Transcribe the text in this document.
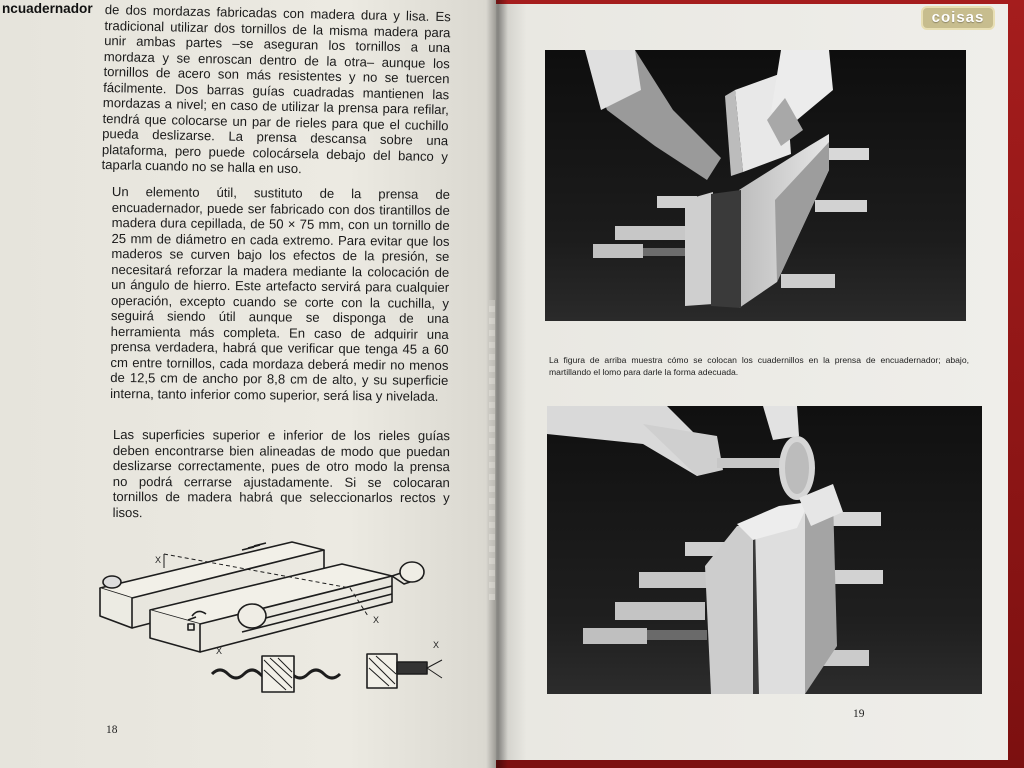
ncuadernador de dos mordazas fabricadas con madera dura y lisa. Es tradicional utilizar dos tornillos de la misma madera para unir ambas partes –se aseguran los tornillos a una mordaza y se enroscan dentro de la otra– aunque los tornillos de acero son más resistentes y no se tuercen fácilmente. Dos barras guías cuadradas mantienen las mordazas a nivel; en caso de utilizar la prensa para refilar, tendrá que colocarse un par de rieles para que el cuchillo pueda deslizarse. La prensa descansa sobre una plataforma, pero puede colocársela debajo del banco y taparla cuando no se halla en uso.
Un elemento útil, sustituto de la prensa de encuadernador, puede ser fabricado con dos tirantillos de madera dura cepillada, de 50 × 75 mm, con un tornillo de 25 mm de diámetro en cada extremo. Para evitar que los maderos se curven bajo los efectos de la presión, se necesitará reforzar la madera mediante la colocación de un ángulo de hierro. Este artefacto servirá para cualquier operación, excepto cuando se corte con la cuchilla, y seguirá siendo útil aunque se disponga de una herramienta más completa. En caso de adquirir una prensa verdadera, habrá que verificar que tenga 45 a 60 cm entre tornillos, cada mordaza deberá medir no menos de 12,5 cm de ancho por 8,8 cm de alto, y su superficie interna, tanto inferior como superior, será lisa y nivelada.
Las superficies superior e inferior de los rieles guías deben encontrarse bien alineadas de modo que puedan deslizarse correctamente, pues de otro modo la prensa no podrá cerrarse ajustadamente. Si se colocaran tornillos de madera habrá que seleccionarlos rectos y lisos.
X
X
X
X
18
La figura de arriba muestra cómo se colocan los cuadernillos en la prensa de encuadernador; abajo, martillando el lomo para darle la forma adecuada.
19
coisas
